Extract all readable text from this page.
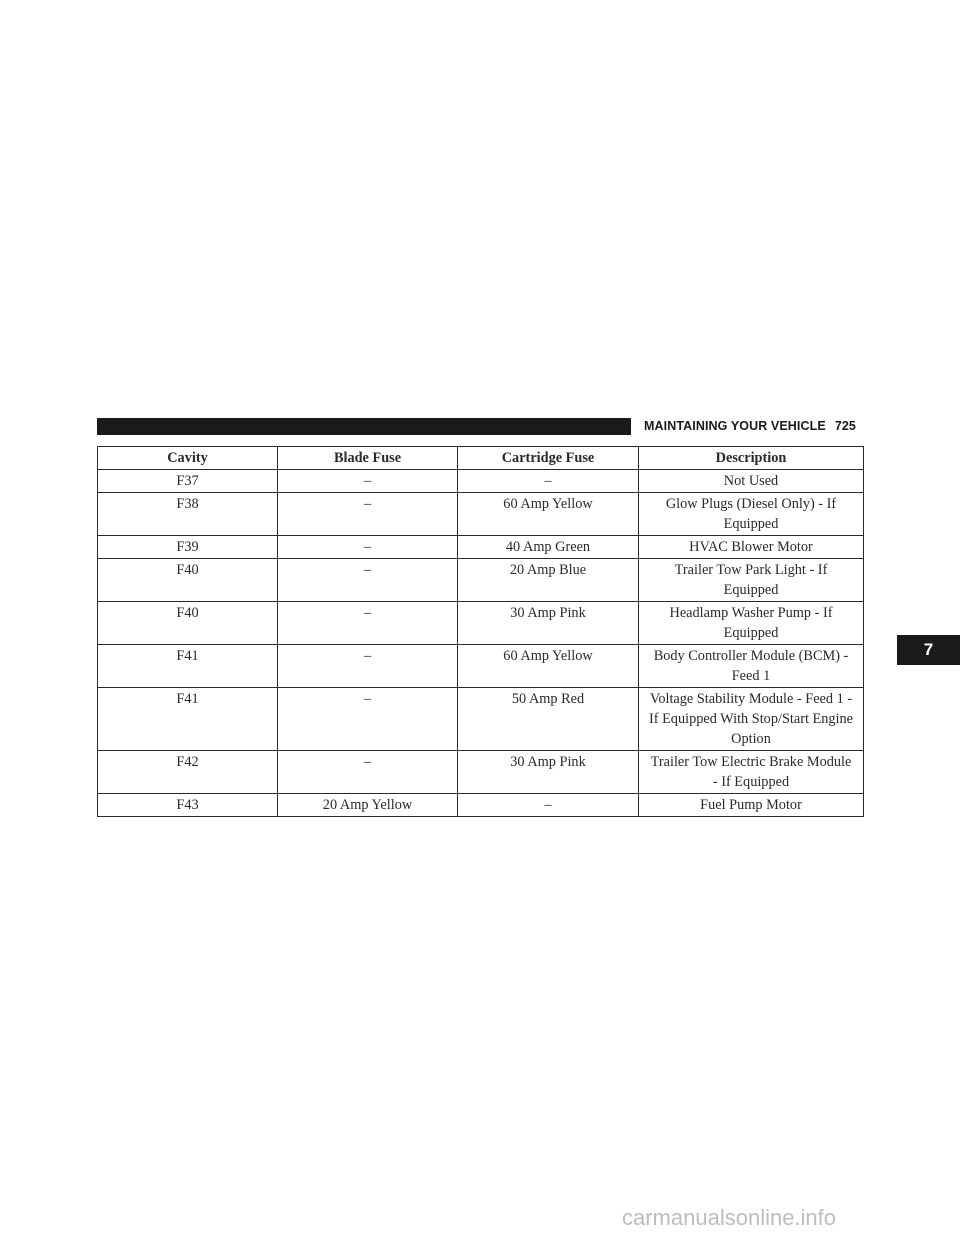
MAINTAINING YOUR VEHICLE 725
7
Cavity	Blade Fuse	Cartridge Fuse	Description
F37	–	–	Not Used
F38	–	60 Amp Yellow	Glow Plugs (Diesel Only) - If Equipped
F39	–	40 Amp Green	HVAC Blower Motor
F40	–	20 Amp Blue	Trailer Tow Park Light - If Equipped
F40	–	30 Amp Pink	Headlamp Washer Pump - If Equipped
F41	–	60 Amp Yellow	Body Controller Module (BCM) - Feed 1
F41	–	50 Amp Red	Voltage Stability Module - Feed 1 - If Equipped With Stop/Start Engine Option
F42	–	30 Amp Pink	Trailer Tow Electric Brake Module - If Equipped
F43	20 Amp Yellow	–	Fuel Pump Motor
carmanualsonline.info
